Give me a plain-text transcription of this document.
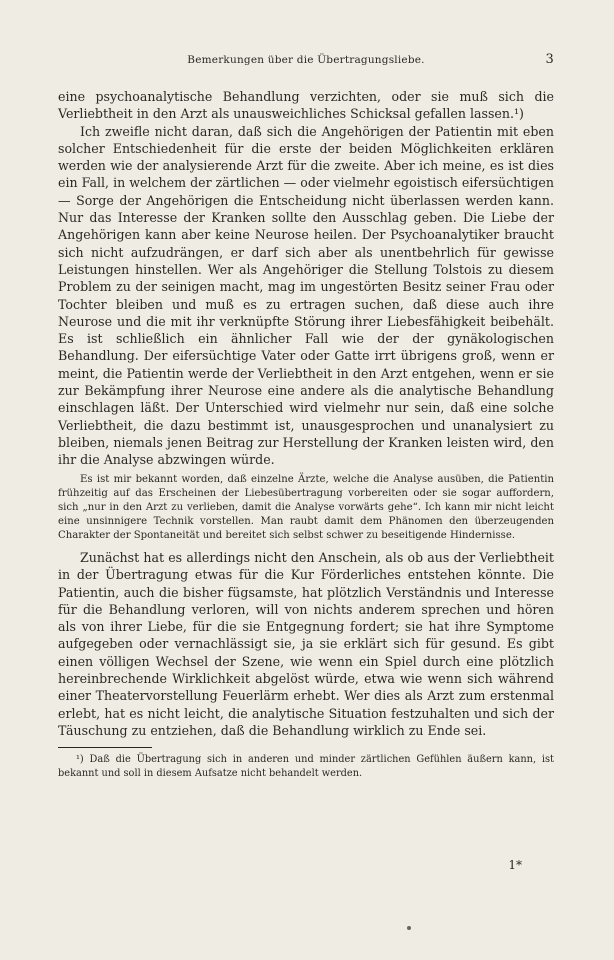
Bemerkungen über die Übertragungsliebe.	3

eine psychoanalytische Behandlung verzichten, oder sie muß sich die Verliebtheit in den Arzt als unausweichliches Schicksal gefallen lassen.¹)

Ich zweifle nicht daran, daß sich die Angehörigen der Patientin mit eben solcher Entschiedenheit für die erste der beiden Möglichkeiten erklären werden wie der analysierende Arzt für die zweite. Aber ich meine, es ist dies ein Fall, in welchem der zärtlichen — oder vielmehr egoistisch eifersüchtigen — Sorge der Angehörigen die Entscheidung nicht überlassen werden kann. Nur das Interesse der Kranken sollte den Ausschlag geben. Die Liebe der Angehörigen kann aber keine Neurose heilen. Der Psychoanalytiker braucht sich nicht aufzudrängen, er darf sich aber als unentbehrlich für gewisse Leistungen hinstellen. Wer als Angehöriger die Stellung Tolstois zu diesem Problem zu der seinigen macht, mag im ungestörten Besitz seiner Frau oder Tochter bleiben und muß es zu ertragen suchen, daß diese auch ihre Neurose und die mit ihr verknüpfte Störung ihrer Liebesfähigkeit beibehält. Es ist schließlich ein ähnlicher Fall wie der der gynäkologischen Behandlung. Der eifersüchtige Vater oder Gatte irrt übrigens groß, wenn er meint, die Patientin werde der Verliebtheit in den Arzt entgehen, wenn er sie zur Bekämpfung ihrer Neurose eine andere als die analytische Behandlung einschlagen läßt. Der Unterschied wird vielmehr nur sein, daß eine solche Verliebtheit, die dazu bestimmt ist, unausgesprochen und unanalysiert zu bleiben, niemals jenen Beitrag zur Herstellung der Kranken leisten wird, den ihr die Analyse abzwingen würde.

Es ist mir bekannt worden, daß einzelne Ärzte, welche die Analyse ausüben, die Patientin frühzeitig auf das Erscheinen der Liebesübertragung vorbereiten oder sie sogar auffordern, sich „nur in den Arzt zu verlieben, damit die Analyse vorwärts gehe“. Ich kann mir nicht leicht eine unsinnigere Technik vorstellen. Man raubt damit dem Phänomen den überzeugenden Charakter der Spontaneität und bereitet sich selbst schwer zu beseitigende Hindernisse.

Zunächst hat es allerdings nicht den Anschein, als ob aus der Verliebtheit in der Übertragung etwas für die Kur Förderliches entstehen könnte. Die Patientin, auch die bisher fügsamste, hat plötzlich Verständnis und Interesse für die Behandlung verloren, will von nichts anderem sprechen und hören als von ihrer Liebe, für die sie Entgegnung fordert; sie hat ihre Symptome aufgegeben oder vernachlässigt sie, ja sie erklärt sich für gesund. Es gibt einen völligen Wechsel der Szene, wie wenn ein Spiel durch eine plötzlich hereinbrechende Wirklichkeit abgelöst würde, etwa wie wenn sich während einer Theatervorstellung Feuerlärm erhebt. Wer dies als Arzt zum erstenmal erlebt, hat es nicht leicht, die analytische Situation festzuhalten und sich der Täuschung zu entziehen, daß die Behandlung wirklich zu Ende sei.

¹) Daß die Übertragung sich in anderen und minder zärtlichen Gefühlen äußern kann, ist bekannt und soll in diesem Aufsatze nicht behandelt werden.

1*
